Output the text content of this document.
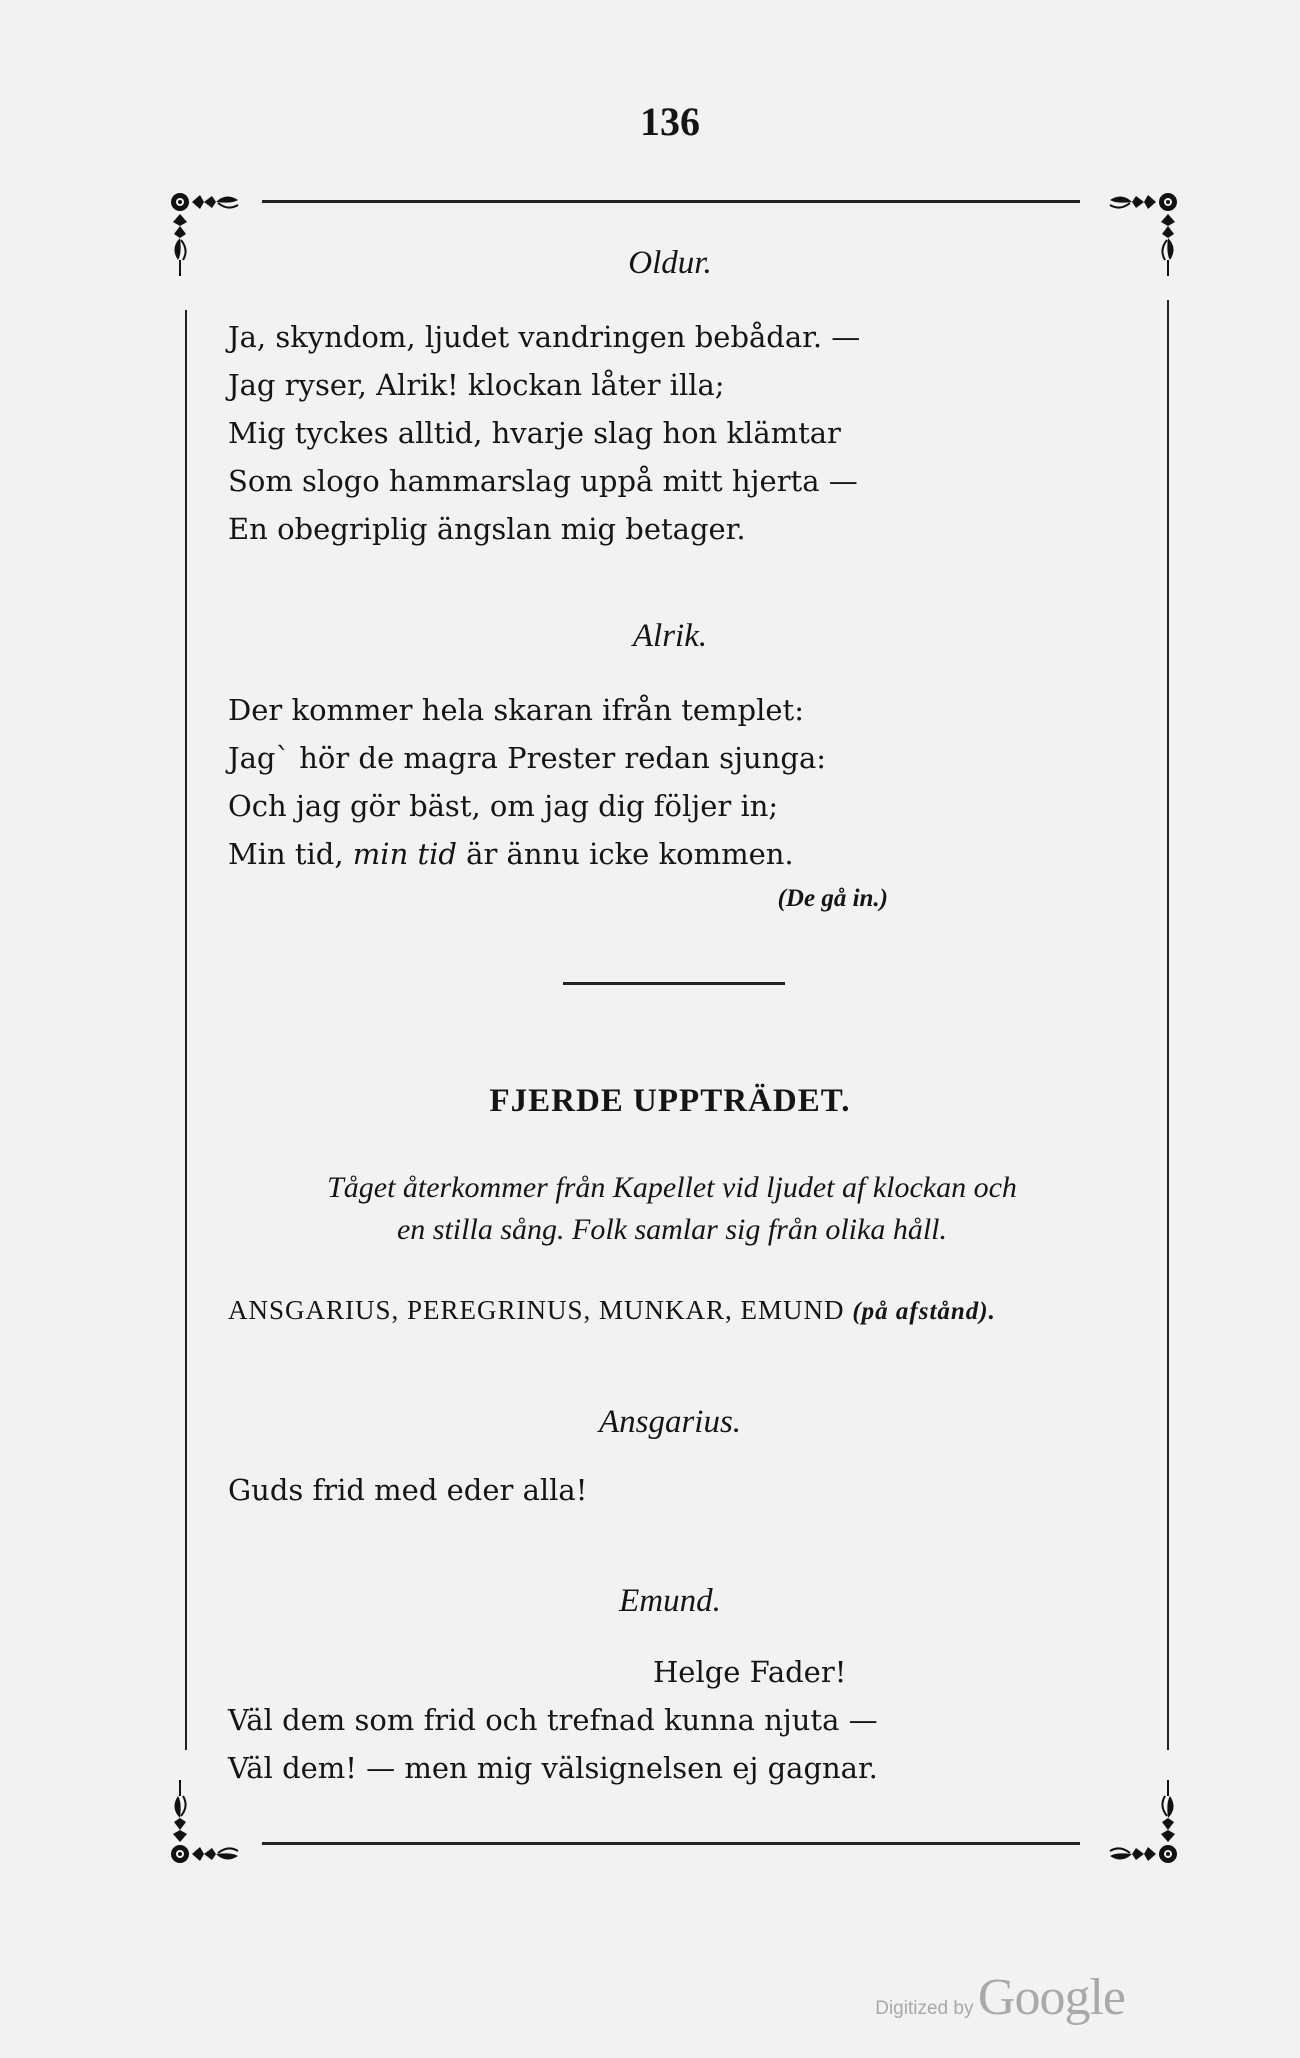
136
Oldur.
Ja, skyndom, ljudet vandringen bebådar. —
Jag ryser, Alrik! klockan låter illa;
Mig tyckes alltid, hvarje slag hon klämtar
Som slogo hammarslag uppå mitt hjerta —
En obegriplig ängslan mig betager.
Alrik.
Der kommer hela skaran ifrån templet:
Jag` hör de magra Prester redan sjunga:
Och jag gör bäst, om jag dig följer in;
Min tid, min tid är ännu icke kommen.
(De gå in.)
FJERDE UPPTRÄDET.
Tåget återkommer från Kapellet vid ljudet af klockan och
en stilla sång. Folk samlar sig från olika håll.
ANSGARIUS, PEREGRINUS, MUNKAR, EMUND (på afstånd).
Ansgarius.
Guds frid med eder alla!
Emund.
Helge Fader!
Väl dem som frid och trefnad kunna njuta —
Väl dem! — men mig välsignelsen ej gagnar.
Digitized by Google
